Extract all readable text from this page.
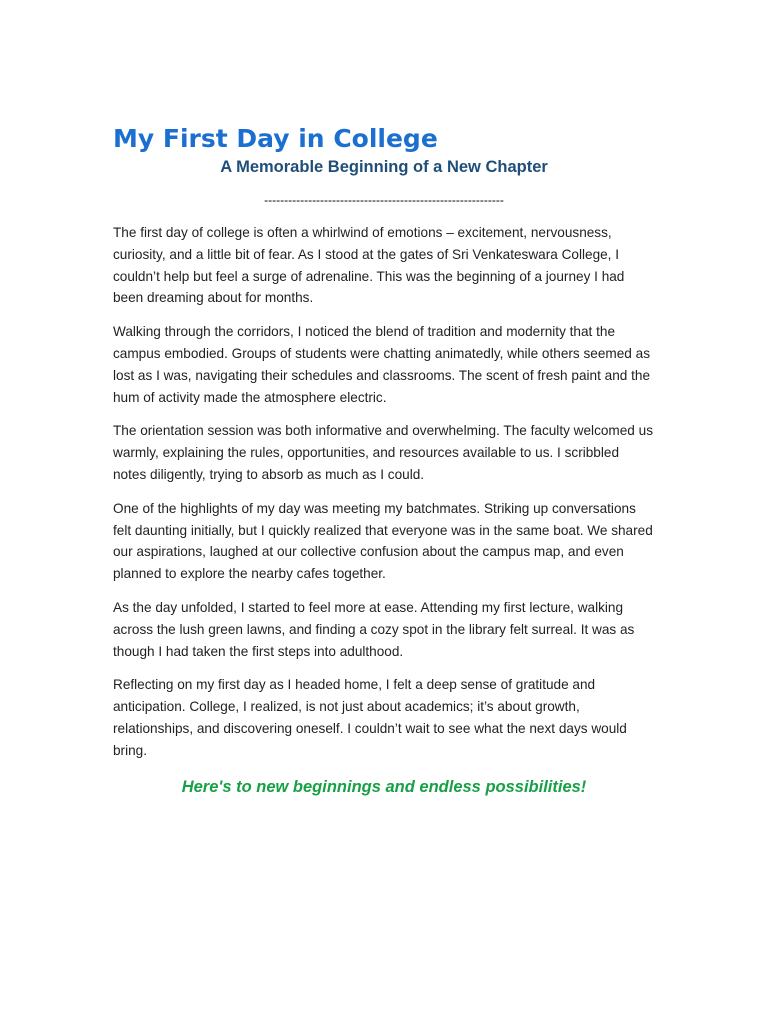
My First Day in College
A Memorable Beginning of a New Chapter
------------------------------------------------------------

The first day of college is often a whirlwind of emotions – excitement, nervousness, curiosity, and a little bit of fear. As I stood at the gates of Sri Venkateswara College, I couldn’t help but feel a surge of adrenaline. This was the beginning of a journey I had been dreaming about for months.

Walking through the corridors, I noticed the blend of tradition and modernity that the campus embodied. Groups of students were chatting animatedly, while others seemed as lost as I was, navigating their schedules and classrooms. The scent of fresh paint and the hum of activity made the atmosphere electric.

The orientation session was both informative and overwhelming. The faculty welcomed us warmly, explaining the rules, opportunities, and resources available to us. I scribbled notes diligently, trying to absorb as much as I could.

One of the highlights of my day was meeting my batchmates. Striking up conversations felt daunting initially, but I quickly realized that everyone was in the same boat. We shared our aspirations, laughed at our collective confusion about the campus map, and even planned to explore the nearby cafes together.

As the day unfolded, I started to feel more at ease. Attending my first lecture, walking across the lush green lawns, and finding a cozy spot in the library felt surreal. It was as though I had taken the first steps into adulthood.

Reflecting on my first day as I headed home, I felt a deep sense of gratitude and anticipation. College, I realized, is not just about academics; it’s about growth, relationships, and discovering oneself. I couldn’t wait to see what the next days would bring.

Here's to new beginnings and endless possibilities!
